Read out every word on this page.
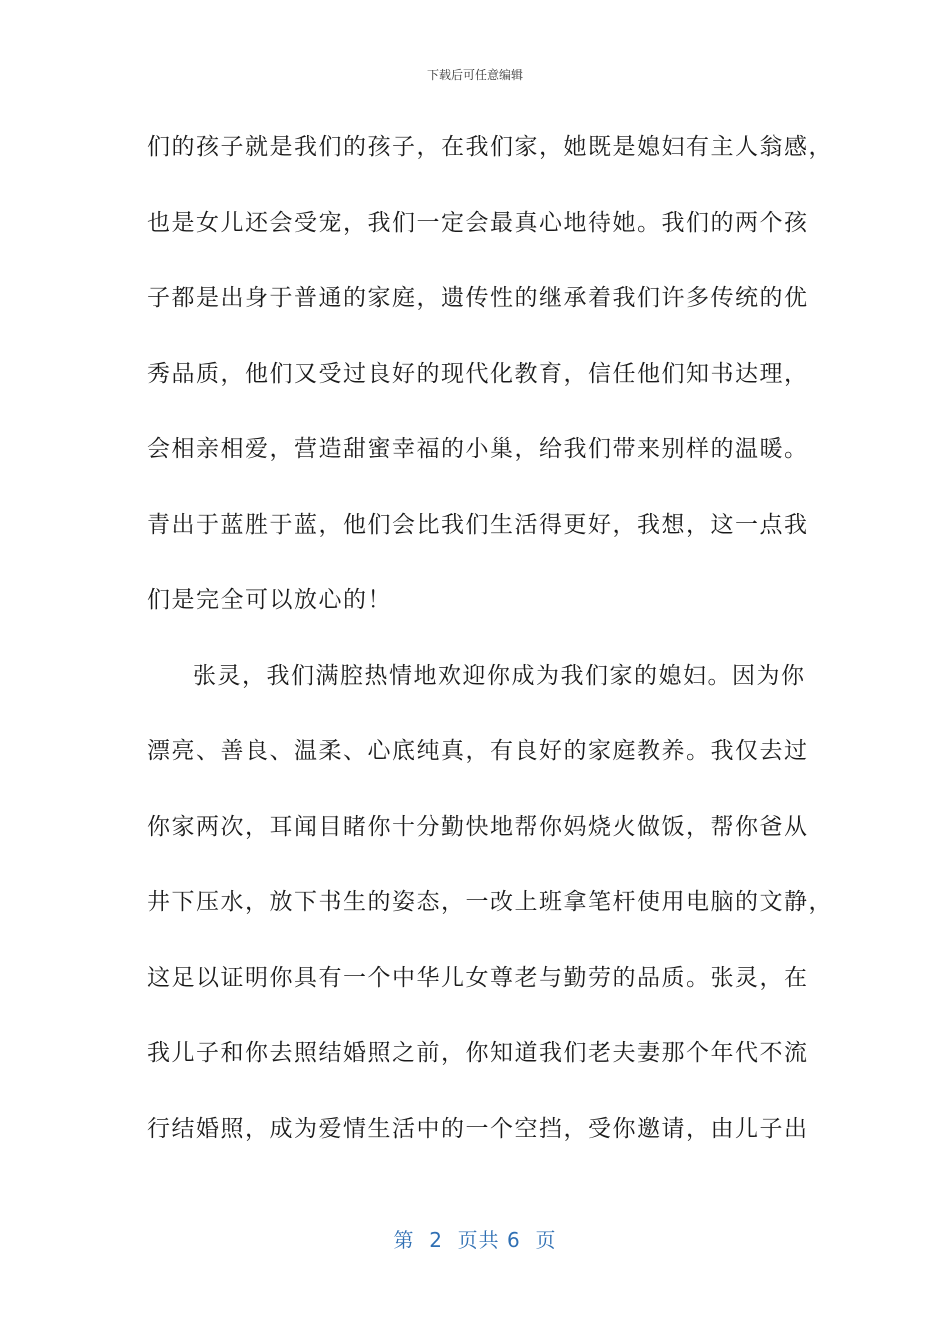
下载后可任意编辑
们的孩子就是我们的孩子，在我们家，她既是媳妇有主人翁感，
也是女儿还会受宠，我们一定会最真心地待她。我们的两个孩
子都是出身于普通的家庭，遗传性的继承着我们许多传统的优
秀品质，他们又受过良好的现代化教育，信任他们知书达理，
会相亲相爱，营造甜蜜幸福的小巢，给我们带来别样的温暖。
青出于蓝胜于蓝，他们会比我们生活得更好，我想，这一点我
们是完全可以放心的！
张灵，我们满腔热情地欢迎你成为我们家的媳妇。因为你
漂亮、善良、温柔、心底纯真，有良好的家庭教养。我仅去过
你家两次，耳闻目睹你十分勤快地帮你妈烧火做饭，帮你爸从
井下压水，放下书生的姿态，一改上班拿笔杆使用电脑的文静，
这足以证明你具有一个中华儿女尊老与勤劳的品质。张灵，在
我儿子和你去照结婚照之前，你知道我们老夫妻那个年代不流
行结婚照，成为爱情生活中的一个空挡，受你邀请，由儿子出
第  2  页共 6  页
